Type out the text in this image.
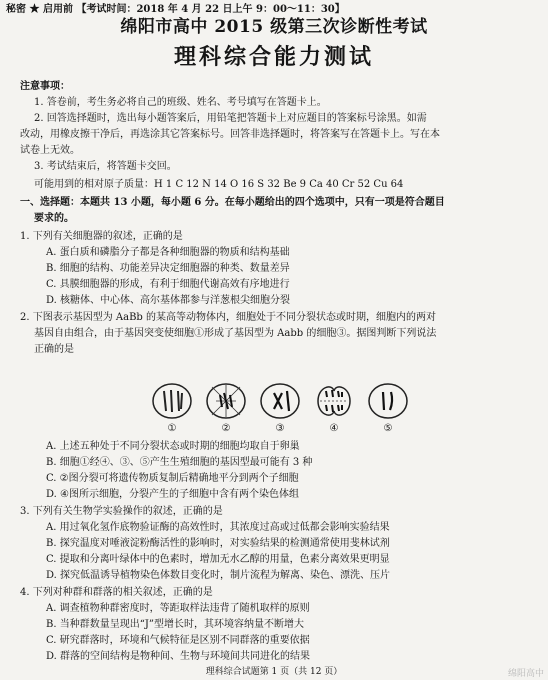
秘密 ★ 启用前 【考试时间：2018 年 4 月 22 日上午 9：00～11：30】
绵阳市高中 2015 级第三次诊断性考试
理科综合能力测试
注意事项：
1. 答卷前，考生务必将自己的班级、姓名、考号填写在答题卡上。
2. 回答选择题时，选出每小题答案后，用铅笔把答题卡上对应题目的答案标号涂黑。如需
改动，用橡皮擦干净后，再选涂其它答案标号。回答非选择题时，将答案写在答题卡上。写在本
试卷上无效。
3. 考试结束后，将答题卡交回。
可能用到的相对原子质量：H 1 C 12 N 14 O 16 S 32 Be 9 Ca 40 Cr 52 Cu 64
一、选择题：本题共 13 小题，每小题 6 分。在每小题给出的四个选项中，只有一项是符合题目
要求的。
1. 下列有关细胞器的叙述，正确的是
A. 蛋白质和磷脂分子都是各种细胞器的物质和结构基础
B. 细胞的结构、功能差异决定细胞器的种类、数量差异
C. 具膜细胞器的形成，有利于细胞代谢高效有序地进行
D. 核糖体、中心体、高尔基体都参与洋葱根尖细胞分裂
2. 下图表示基因型为 AaBb 的某高等动物体内，细胞处于不同分裂状态或时期，细胞内的两对
基因自由组合，由于基因突变使细胞①形成了基因型为 Aabb 的细胞③。据图判断下列说法
正确的是
①	②	③	④	⑤
A. 上述五种处于不同分裂状态或时期的细胞均取自于卵巢
B. 细胞①经④、③、⑤产生生殖细胞的基因型最可能有 3 种
C. ②图分裂可将遗传物质复制后精确地平分到两个子细胞
D. ④图所示细胞，分裂产生的子细胞中含有两个染色体组
3. 下列有关生物学实验操作的叙述，正确的是
A. 用过氧化氢作底物验证酶的高效性时，其浓度过高或过低都会影响实验结果
B. 探究温度对唾液淀粉酶活性的影响时，对实验结果的检测通常使用斐林试剂
C. 提取和分离叶绿体中的色素时，增加无水乙醇的用量，色素分离效果更明显
D. 探究低温诱导植物染色体数目变化时，制片流程为解离、染色、漂洗、压片
4. 下列对种群和群落的相关叙述，正确的是
A. 调查植物种群密度时，等距取样法违背了随机取样的原则
B. 当种群数量呈现出“J”型增长时，其环境容纳量不断增大
C. 研究群落时，环境和气候特征是区别不同群落的重要依据
D. 群落的空间结构是物种间、生物与环境间共同进化的结果
理科综合试题第 1 页（共 12 页）	绵阳高中
